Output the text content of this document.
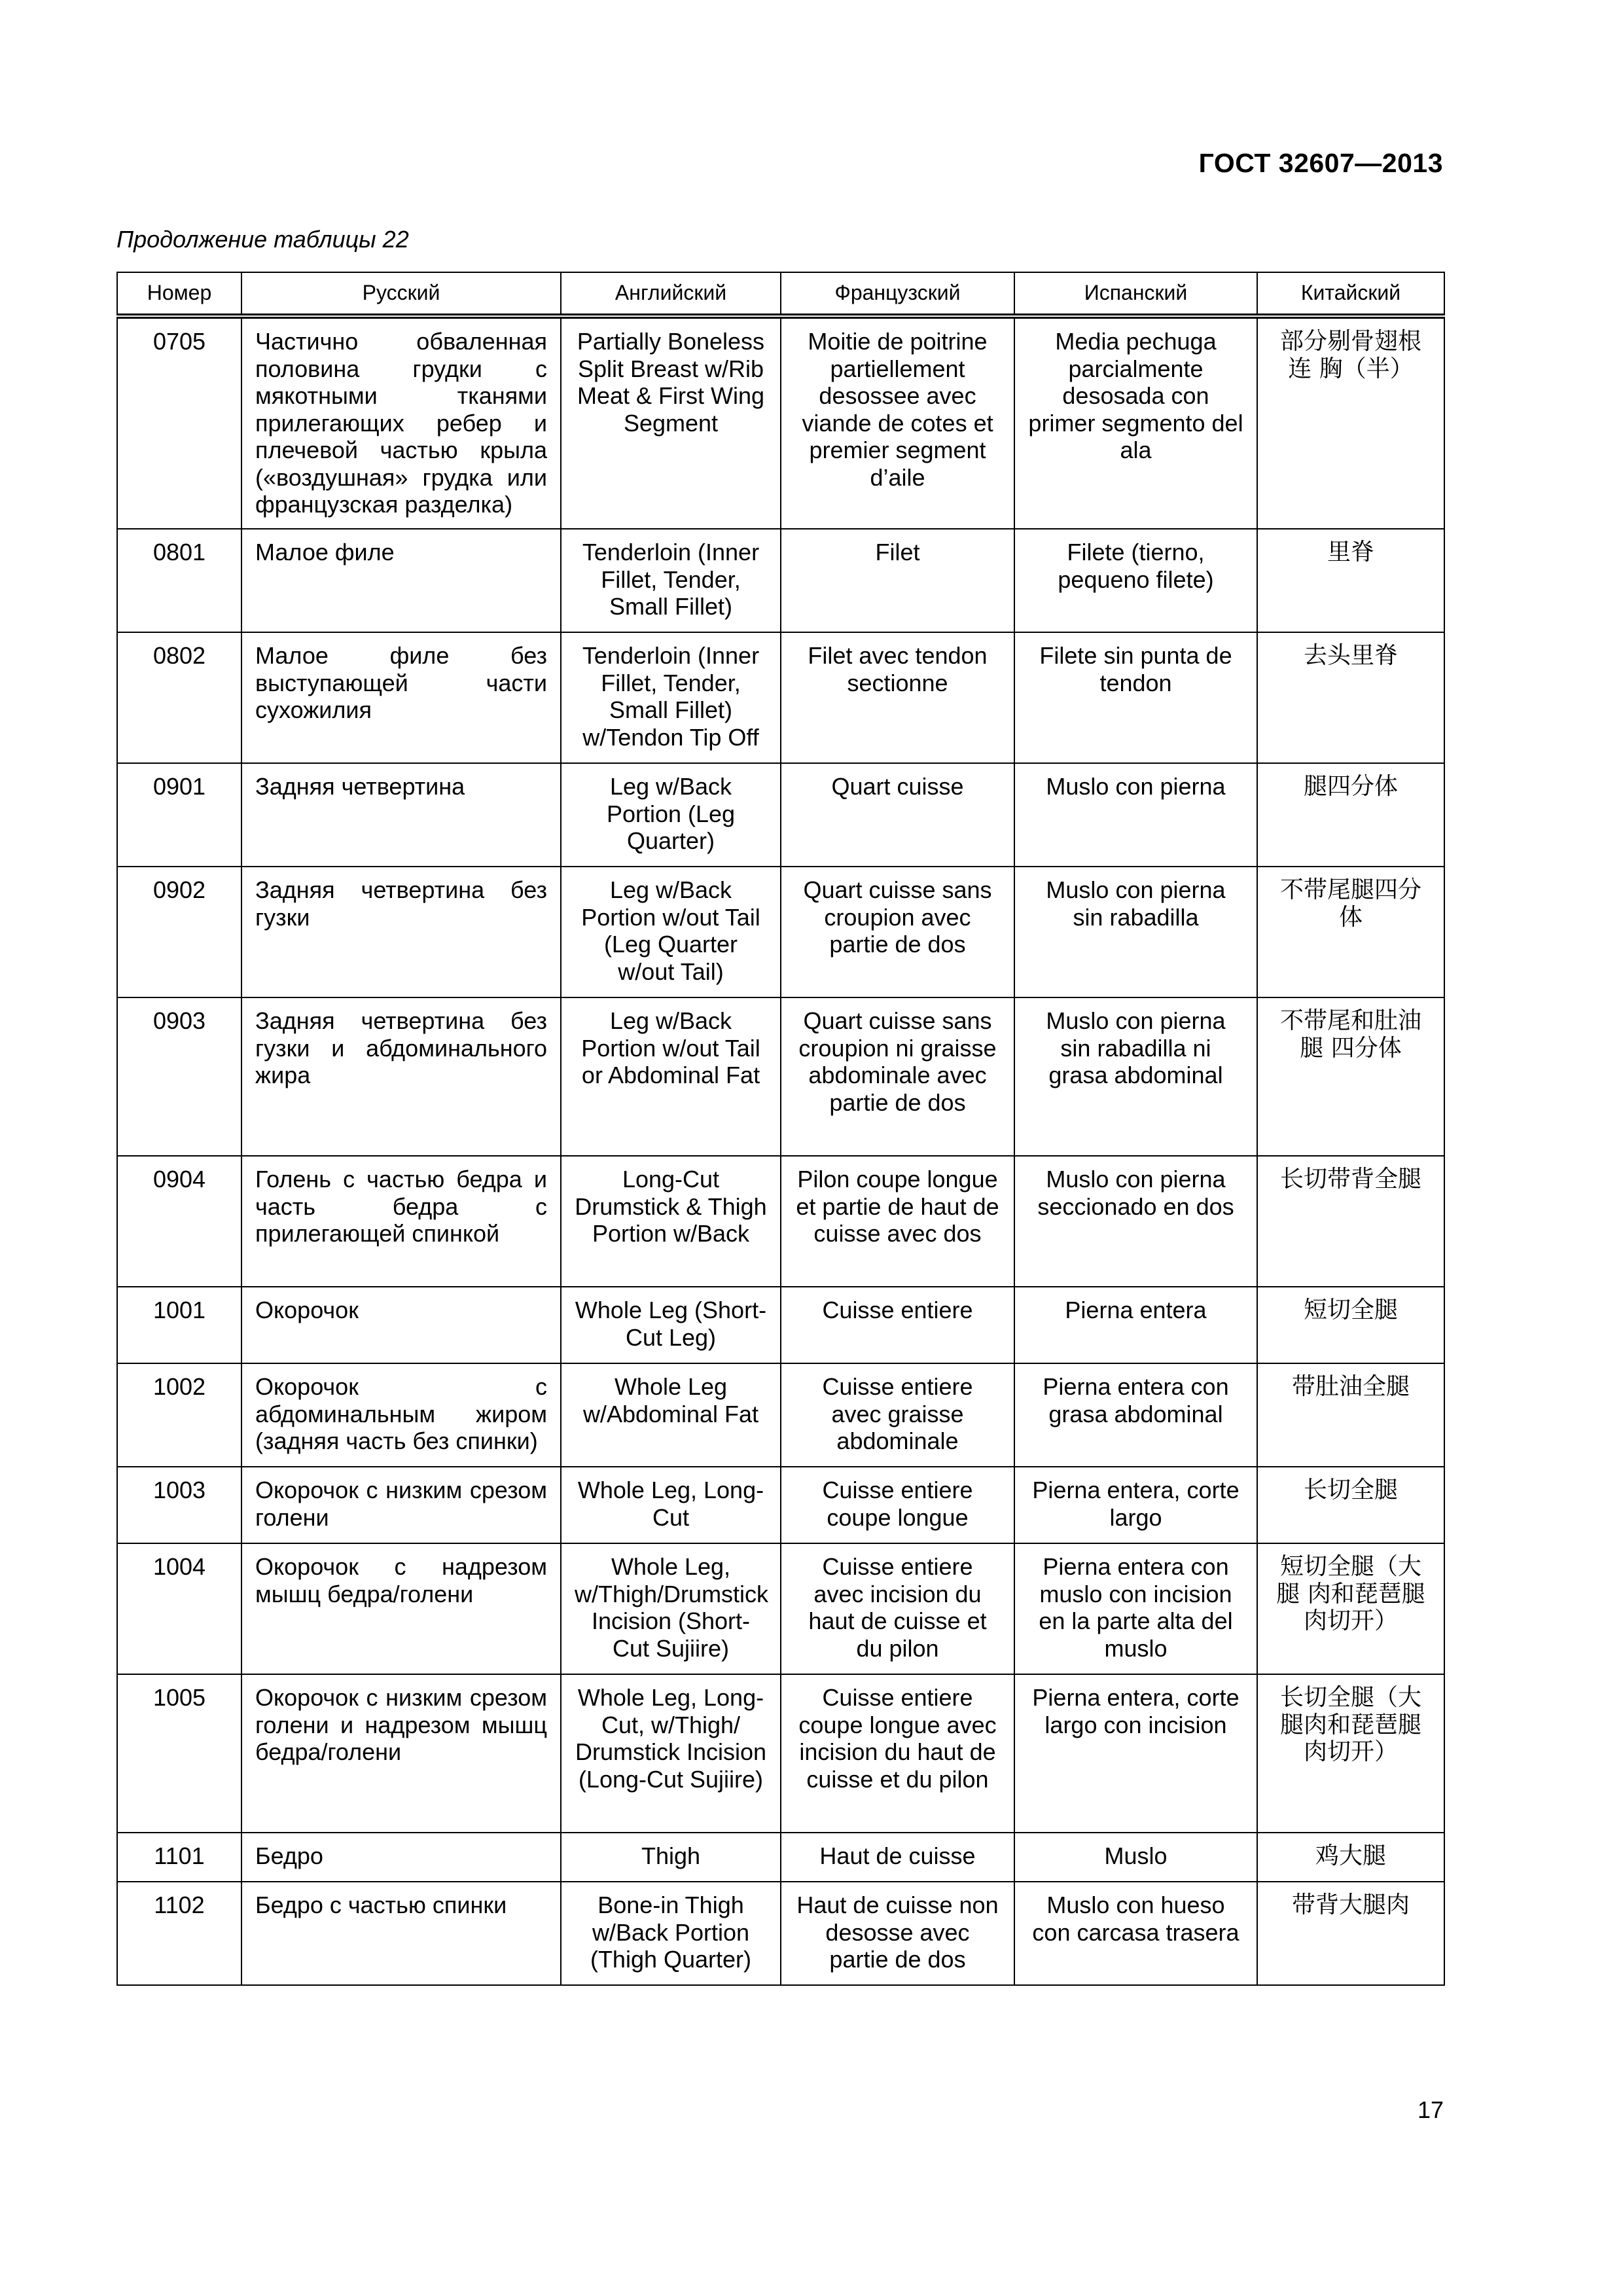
ГОСТ 32607—2013
Продолжение таблицы 22
Номер	Русский	Английский	Французский	Испанский	Китайский
0705	Частично обваленная половина грудки с мякотными тканями прилегающих ребер и плечевой частью крыла («воздушная» грудка или французская разделка)	Partially Boneless Split Breast w/Rib Meat & First Wing Segment	Moitie de poitrine partiellement desossee avec viande de cotes et premier segment d’aile	Media pechuga parcialmente desosada con primer segmento del ala	部分剔骨翅根连 胸（半）
0801	Малое филе	Tenderloin (Inner Fillet, Tender, Small Fillet)	Filet	Filete (tierno, pequeno filete)	里脊
0802	Малое филе без выступающей части сухожилия	Tenderloin (Inner Fillet, Tender, Small Fillet) w/Tendon Tip Off	Filet avec tendon sectionne	Filete sin punta de tendon	去头里脊
0901	Задняя четвертина	Leg w/Back Portion (Leg Quarter)	Quart cuisse	Muslo con pierna	腿四分体
0902	Задняя четвертина без гузки	Leg w/Back Portion w/out Tail (Leg Quarter w/out Tail)	Quart cuisse sans croupion avec partie de dos	Muslo con pierna sin rabadilla	不带尾腿四分体
0903	Задняя четвертина без гузки и абдоминального жира	Leg w/Back Portion w/out Tail or Abdominal Fat	Quart cuisse sans croupion ni graisse abdominale avec partie de dos	Muslo con pierna sin rabadilla ni grasa abdominal	不带尾和肚油腿 四分体
0904	Голень с частью бедра и часть бедра с прилегающей спинкой	Long-Cut Drumstick & Thigh Portion w/Back	Pilon coupe longue et partie de haut de cuisse avec dos	Muslo con pierna seccionado en dos	长切带背全腿
1001	Окорочок	Whole Leg (Short-Cut Leg)	Cuisse entiere	Pierna entera	短切全腿
1002	Окорочок с абдоминальным жиром (задняя часть без спинки)	Whole Leg w/Abdominal Fat	Cuisse entiere avec graisse abdominale	Pierna entera con grasa abdominal	带肚油全腿
1003	Окорочок с низким срезом голени	Whole Leg, Long-Cut	Cuisse entiere coupe longue	Pierna entera, corte largo	长切全腿
1004	Окорочок с надрезом мышц бедра/голени	Whole Leg, w/Thigh/Drumstick Incision (Short-Cut Sujiire)	Cuisse entiere avec incision du haut de cuisse et du pilon	Pierna entera con muslo con incision en la parte alta del muslo	短切全腿（大腿 肉和琵琶腿肉切开）
1005	Окорочок с низким срезом голени и надрезом мышц бедра/голени	Whole Leg, Long-Cut, w/Thigh/ Drumstick Incision (Long-Cut Sujiire)	Cuisse entiere coupe longue avec incision du haut de cuisse et du pilon	Pierna entera, corte largo con incision	长切全腿（大腿肉和琵琶腿肉切开）
1101	Бедро	Thigh	Haut de cuisse	Muslo	鸡大腿
1102	Бедро с частью спинки	Bone-in Thigh w/Back Portion (Thigh Quarter)	Haut de cuisse non desosse avec partie de dos	Muslo con hueso con carcasa trasera	带背大腿肉
17
